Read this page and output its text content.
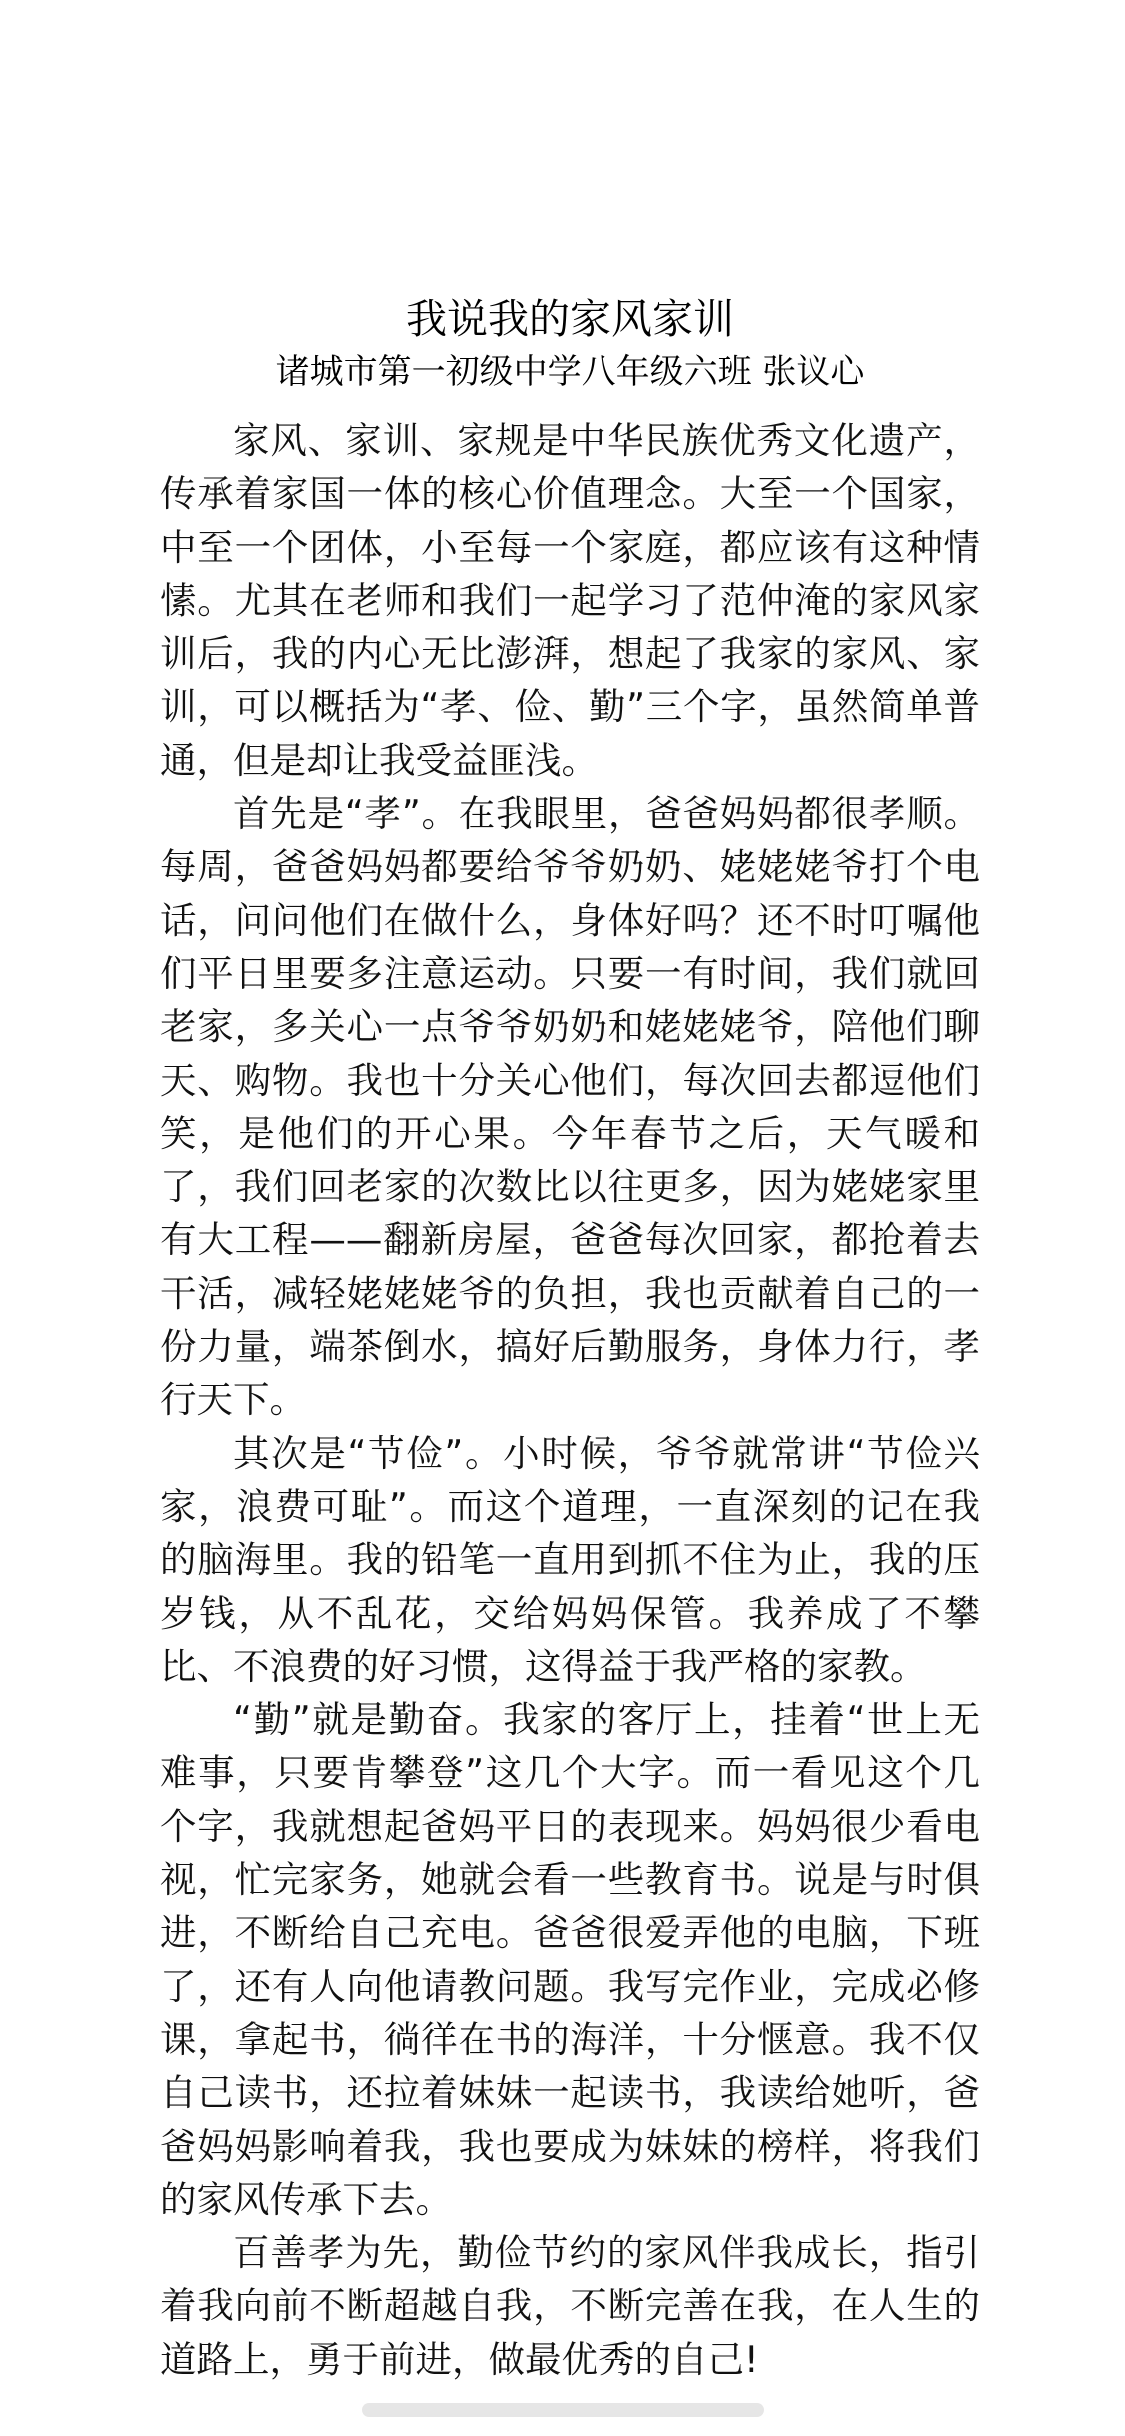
我说我的家风家训
诸城市第一初级中学八年级六班 张议心

家风、家训、家规是中华民族优秀文化遗产，传承着家国一体的核心价值理念。大至一个国家，中至一个团体，小至每一个家庭，都应该有这种情愫。尤其在老师和我们一起学习了范仲淹的家风家训后，我的内心无比澎湃，想起了我家的家风、家训，可以概括为“孝、俭、勤”三个字，虽然简单普通，但是却让我受益匪浅。

首先是“孝”。在我眼里，爸爸妈妈都很孝顺。每周，爸爸妈妈都要给爷爷奶奶、姥姥姥爷打个电话，问问他们在做什么，身体好吗？还不时叮嘱他们平日里要多注意运动。只要一有时间，我们就回老家，多关心一点爷爷奶奶和姥姥姥爷，陪他们聊天、购物。我也十分关心他们，每次回去都逗他们笑，是他们的开心果。今年春节之后，天气暖和了，我们回老家的次数比以往更多，因为姥姥家里有大工程——翻新房屋，爸爸每次回家，都抢着去干活，减轻姥姥姥爷的负担，我也贡献着自己的一份力量，端茶倒水，搞好后勤服务，身体力行，孝行天下。

其次是“节俭”。小时候，爷爷就常讲“节俭兴家，浪费可耻”。而这个道理，一直深刻的记在我的脑海里。我的铅笔一直用到抓不住为止，我的压岁钱，从不乱花，交给妈妈保管。我养成了不攀比、不浪费的好习惯，这得益于我严格的家教。

“勤”就是勤奋。我家的客厅上，挂着“世上无难事，只要肯攀登”这几个大字。而一看见这个几个字，我就想起爸妈平日的表现来。妈妈很少看电视，忙完家务，她就会看一些教育书。说是与时俱进，不断给自己充电。爸爸很爱弄他的电脑，下班了，还有人向他请教问题。我写完作业，完成必修课，拿起书，徜徉在书的海洋，十分惬意。我不仅自己读书，还拉着妹妹一起读书，我读给她听，爸爸妈妈影响着我，我也要成为妹妹的榜样，将我们的家风传承下去。

百善孝为先，勤俭节约的家风伴我成长，指引着我向前不断超越自我，不断完善在我，在人生的道路上，勇于前进，做最优秀的自己!
